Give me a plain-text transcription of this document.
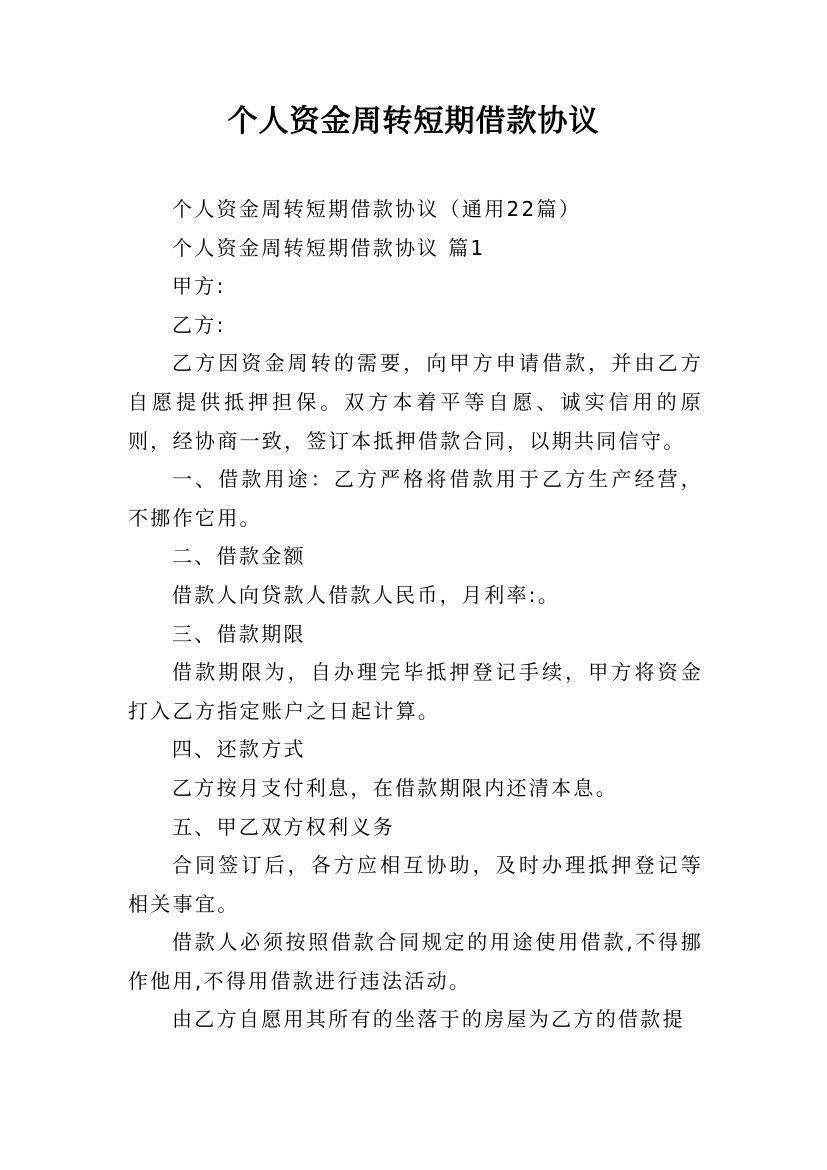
个人资金周转短期借款协议

个人资金周转短期借款协议（通用22篇）

个人资金周转短期借款协议 篇1

甲方:

乙方:

乙方因资金周转的需要，向甲方申请借款，并由乙方自愿提供抵押担保。双方本着平等自愿、诚实信用的原则，经协商一致，签订本抵押借款合同，以期共同信守。

一、借款用途：乙方严格将借款用于乙方生产经营，不挪作它用。

二、借款金额

借款人向贷款人借款人民币，月利率:。

三、借款期限

借款期限为，自办理完毕抵押登记手续，甲方将资金打入乙方指定账户之日起计算。

四、还款方式

乙方按月支付利息，在借款期限内还清本息。

五、甲乙双方权利义务

合同签订后，各方应相互协助，及时办理抵押登记等相关事宜。

借款人必须按照借款合同规定的用途使用借款,不得挪作他用,不得用借款进行违法活动。

由乙方自愿用其所有的坐落于的房屋为乙方的借款提
